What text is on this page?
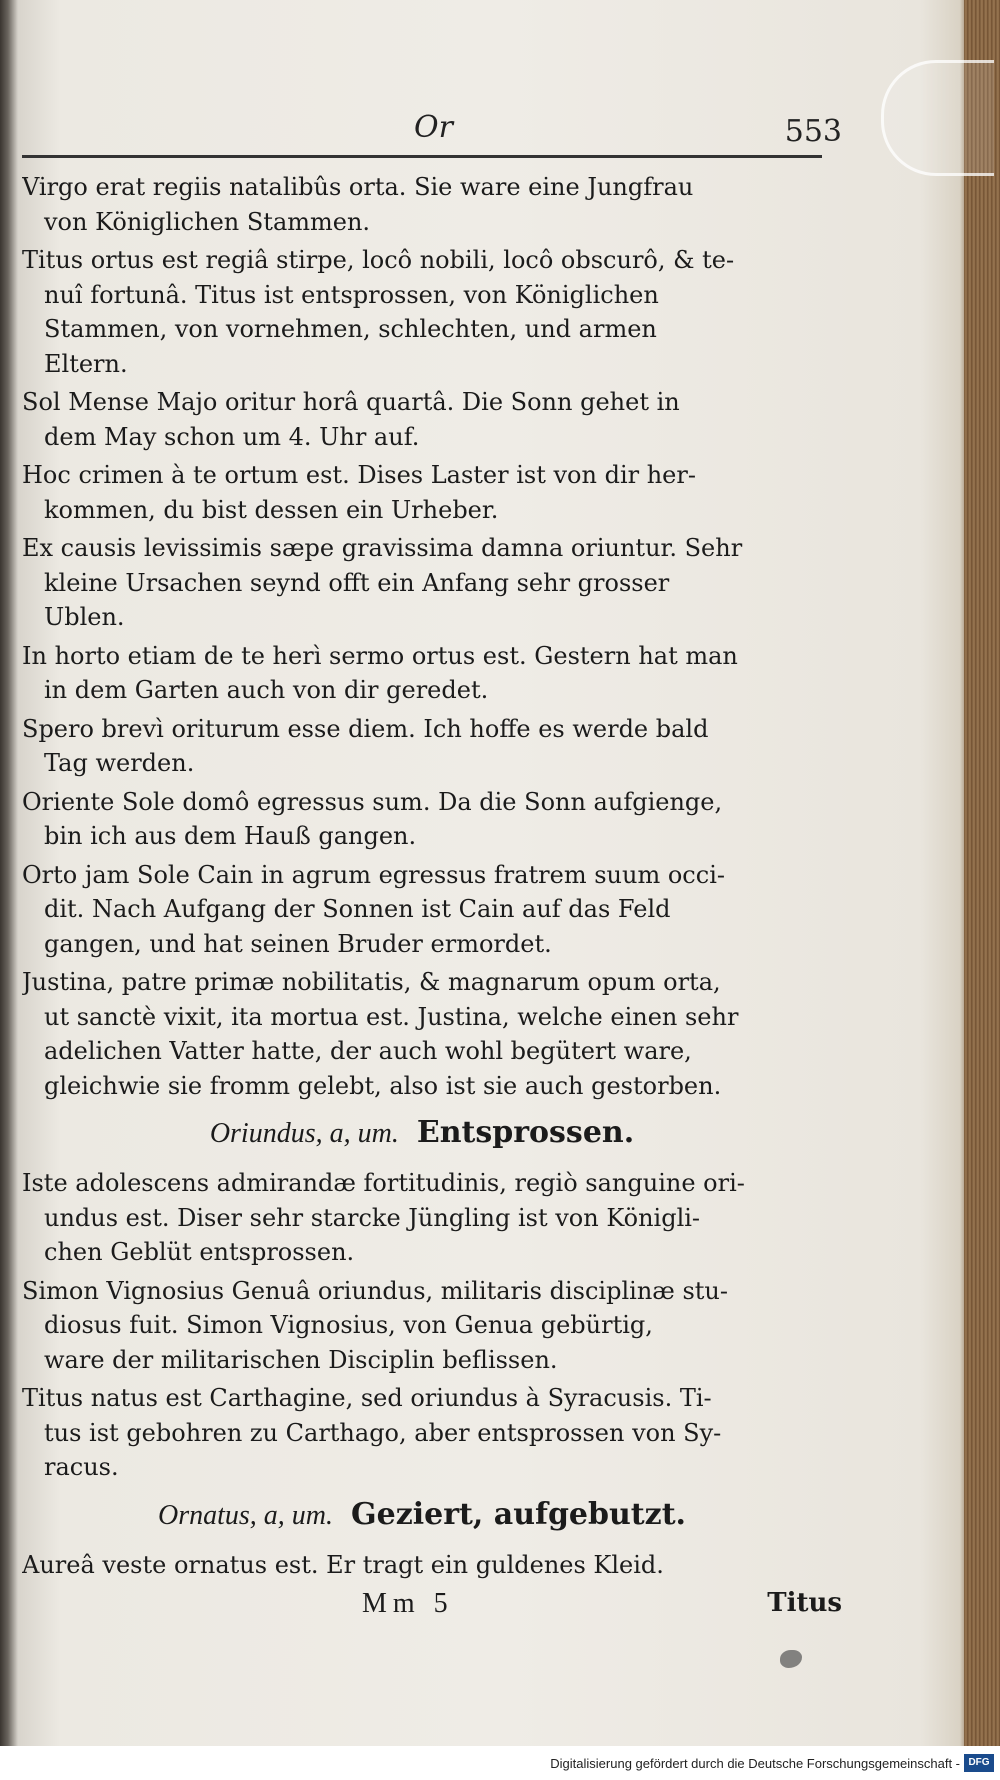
Or	553
Virgo erat regiis natalibûs orta. Sie ware eine Jungfrau
von Königlichen Stammen.
Titus ortus est regiâ stirpe, locô nobili, locô obscurô, & te-
nuî fortunâ. Titus ist entsprossen, von Königlichen
Stammen, von vornehmen, schlechten, und armen
Eltern.
Sol Mense Majo oritur horâ quartâ. Die Sonn gehet in
dem May schon um 4. Uhr auf.
Hoc crimen à te ortum est. Dises Laster ist von dir her-
kommen, du bist dessen ein Urheber.
Ex causis levissimis sæpe gravissima damna oriuntur. Sehr
kleine Ursachen seynd offt ein Anfang sehr grosser
Ublen.
In horto etiam de te herì sermo ortus est. Gestern hat man
in dem Garten auch von dir geredet.
Spero brevì oriturum esse diem. Ich hoffe es werde bald
Tag werden.
Oriente Sole domô egressus sum. Da die Sonn aufgienge,
bin ich aus dem Hauß gangen.
Orto jam Sole Cain in agrum egressus fratrem suum occi-
dit. Nach Aufgang der Sonnen ist Cain auf das Feld
gangen, und hat seinen Bruder ermordet.
Justina, patre primæ nobilitatis, & magnarum opum orta,
ut sanctè vixit, ita mortua est. Justina, welche einen sehr
adelichen Vatter hatte, der auch wohl begütert ware,
gleichwie sie fromm gelebt, also ist sie auch gestorben.
Oriundus, a, um. Entsprossen.
Iste adolescens admirandæ fortitudinis, regiò sanguine ori-
undus est. Diser sehr starcke Jüngling ist von Königli-
chen Geblüt entsprossen.
Simon Vignosius Genuâ oriundus, militaris disciplinæ stu-
diosus fuit. Simon Vignosius, von Genua gebürtig,
ware der militarischen Disciplin beflissen.
Titus natus est Carthagine, sed oriundus à Syracusis. Ti-
tus ist gebohren zu Carthago, aber entsprossen von Sy-
racus.
Ornatus, a, um. Geziert, aufgebutzt.
Aureâ veste ornatus est. Er tragt ein guldenes Kleid.
Mm 5	Titus
Digitalisierung gefördert durch die Deutsche Forschungsgemeinschaft - DFG
